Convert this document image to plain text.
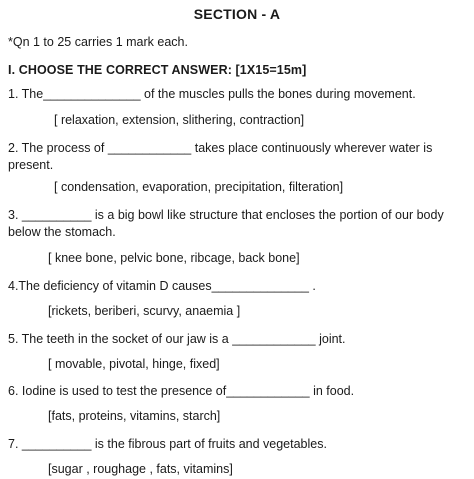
SECTION - A
*Qn 1 to 25 carries 1 mark each.
I. CHOOSE THE CORRECT ANSWER: [1X15=15m]
1. The______________ of the muscles pulls the bones during movement.
[ relaxation, extension, slithering, contraction]
2. The process of ____________ takes place continuously wherever water is present.
[ condensation, evaporation, precipitation, filteration]
3. __________ is a big bowl like structure that encloses the portion of our body below the stomach.
[ knee bone, pelvic bone, ribcage, back bone]
4.The deficiency of vitamin D causes______________ .
[rickets, beriberi, scurvy, anaemia ]
5. The teeth in the socket of our jaw is a ____________ joint.
[ movable, pivotal, hinge, fixed]
6. Iodine is used to test the presence of____________ in food.
[fats, proteins, vitamins, starch]
7. __________ is the fibrous part of fruits and vegetables.
[sugar , roughage , fats, vitamins]
